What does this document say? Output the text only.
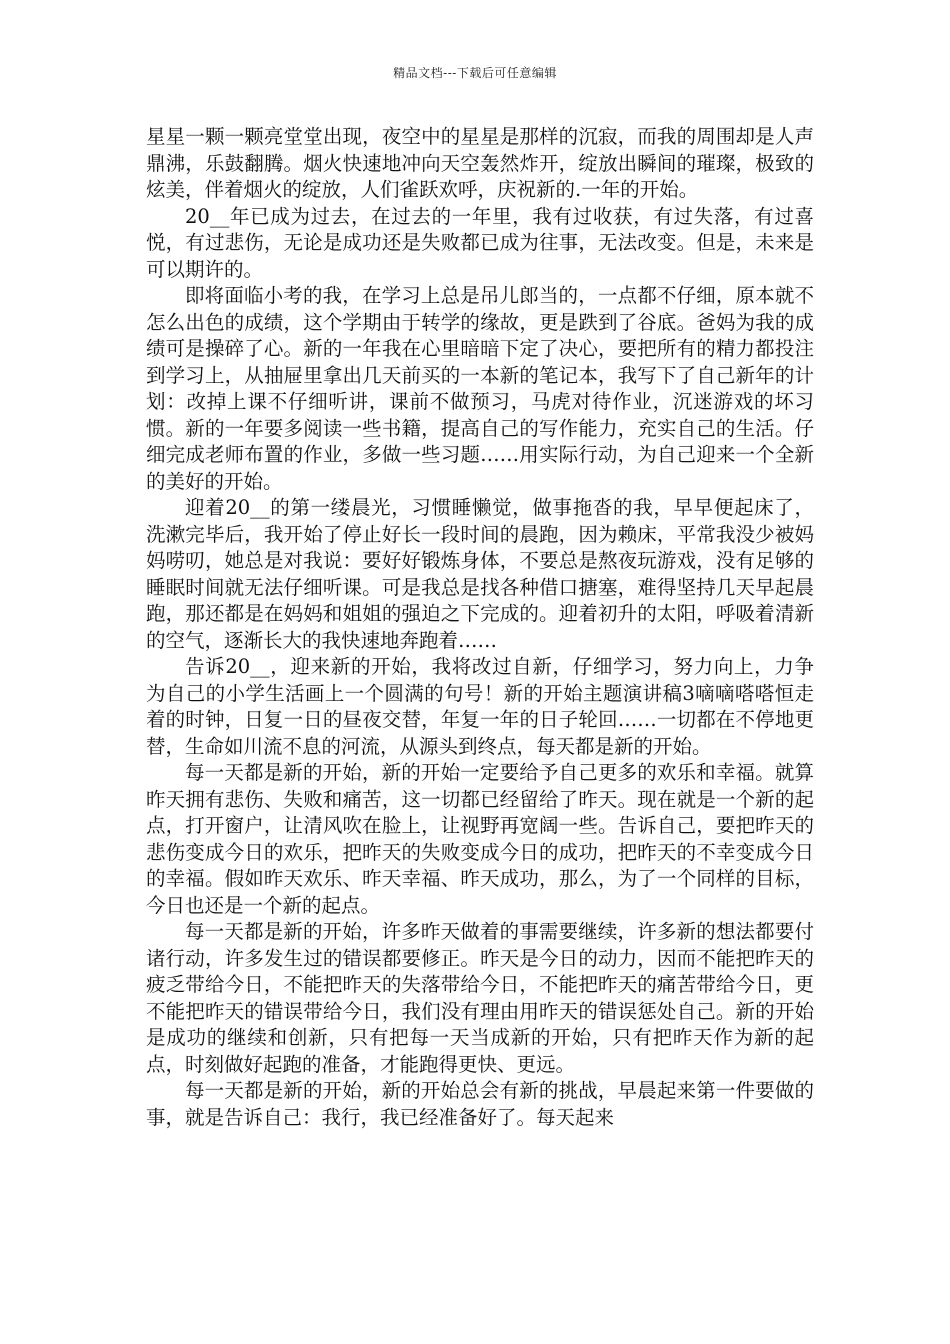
精品文档---下载后可任意编辑

星星一颗一颗亮堂堂出现，夜空中的星星是那样的沉寂，而我的周围却是人声鼎沸，乐鼓翻腾。烟火快速地冲向天空轰然炸开，绽放出瞬间的璀璨，极致的炫美，伴着烟火的绽放，人们雀跃欢呼，庆祝新的.一年的开始。

20__年已成为过去，在过去的一年里，我有过收获，有过失落，有过喜悦，有过悲伤，无论是成功还是失败都已成为往事，无法改变。但是，未来是可以期许的。

即将面临小考的我，在学习上总是吊儿郎当的，一点都不仔细，原本就不怎么出色的成绩，这个学期由于转学的缘故，更是跌到了谷底。爸妈为我的成绩可是操碎了心。新的一年我在心里暗暗下定了决心，要把所有的精力都投注到学习上，从抽屉里拿出几天前买的一本新的笔记本，我写下了自己新年的计划：改掉上课不仔细听讲，课前不做预习，马虎对待作业，沉迷游戏的坏习惯。新的一年要多阅读一些书籍，提高自己的写作能力，充实自己的生活。仔细完成老师布置的作业，多做一些习题……用实际行动，为自己迎来一个全新的美好的开始。

迎着20__的第一缕晨光，习惯睡懒觉，做事拖沓的我，早早便起床了，洗漱完毕后，我开始了停止好长一段时间的晨跑，因为赖床，平常我没少被妈妈唠叨，她总是对我说：要好好锻炼身体，不要总是熬夜玩游戏，没有足够的睡眠时间就无法仔细听课。可是我总是找各种借口搪塞，难得坚持几天早起晨跑，那还都是在妈妈和姐姐的强迫之下完成的。迎着初升的太阳，呼吸着清新的空气，逐渐长大的我快速地奔跑着……

告诉20__，迎来新的开始，我将改过自新，仔细学习，努力向上，力争为自己的小学生活画上一个圆满的句号！新的开始主题演讲稿3嘀嘀嗒嗒恒走着的时钟，日复一日的昼夜交替，年复一年的日子轮回……一切都在不停地更替，生命如川流不息的河流，从源头到终点，每天都是新的开始。

每一天都是新的开始，新的开始一定要给予自己更多的欢乐和幸福。就算昨天拥有悲伤、失败和痛苦，这一切都已经留给了昨天。现在就是一个新的起点，打开窗户，让清风吹在脸上，让视野再宽阔一些。告诉自己，要把昨天的悲伤变成今日的欢乐，把昨天的失败变成今日的成功，把昨天的不幸变成今日的幸福。假如昨天欢乐、昨天幸福、昨天成功，那么，为了一个同样的目标，今日也还是一个新的起点。

每一天都是新的开始，许多昨天做着的事需要继续，许多新的想法都要付诸行动，许多发生过的错误都要修正。昨天是今日的动力，因而不能把昨天的疲乏带给今日，不能把昨天的失落带给今日，不能把昨天的痛苦带给今日，更不能把昨天的错误带给今日，我们没有理由用昨天的错误惩处自己。新的开始是成功的继续和创新，只有把每一天当成新的开始，只有把昨天作为新的起点，时刻做好起跑的准备，才能跑得更快、更远。

每一天都是新的开始，新的开始总会有新的挑战，早晨起来第一件要做的事，就是告诉自己：我行，我已经准备好了。每天起来
